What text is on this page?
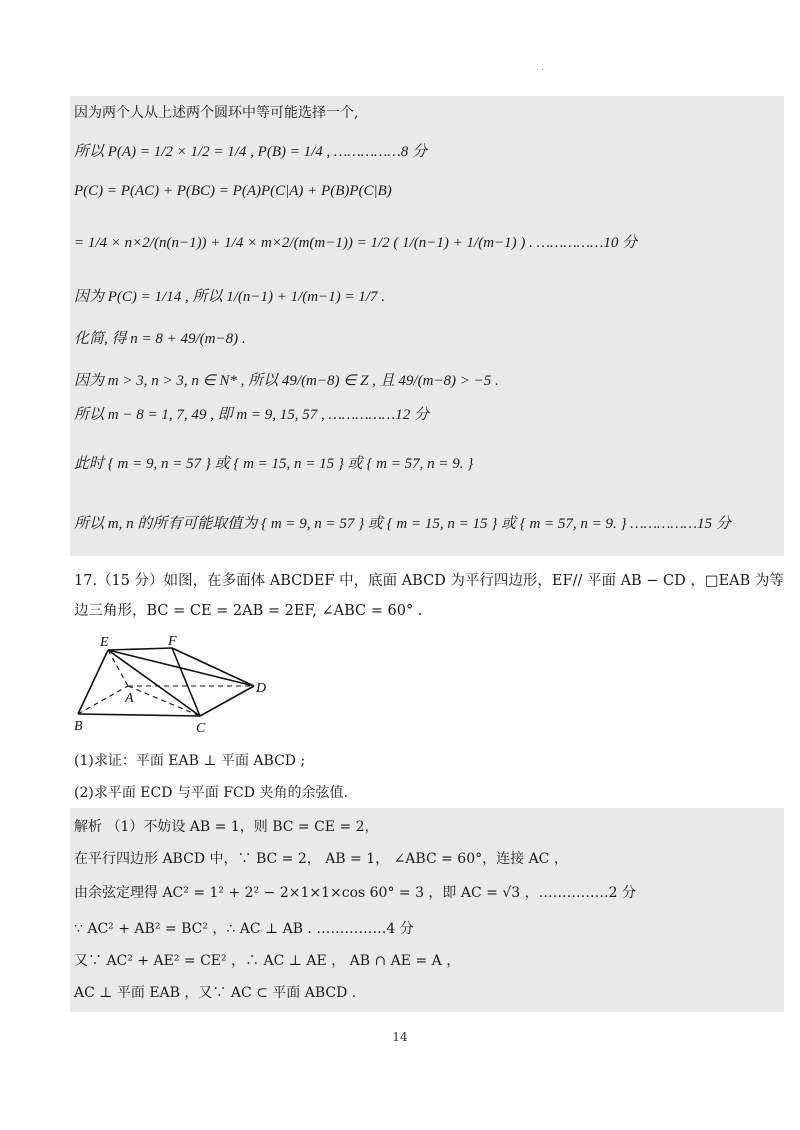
.
因为两个人从上述两个圆环中等可能选择一个,
所以 P(A) = 1/2 × 1/2 = 1/4 , P(B) = 1/4 , ……………8 分
P(C) = P(AC) + P(BC) = P(A)P(C|A) + P(B)P(C|B)
= 1/4 × n×2/(n(n−1)) + 1/4 × m×2/(m(m−1)) = 1/2 ( 1/(n−1) + 1/(m−1) ) . ……………10 分
因为 P(C) = 1/14 , 所以 1/(n−1) + 1/(m−1) = 1/7 .
化简, 得 n = 8 + 49/(m−8) .
因为 m > 3, n > 3, n ∈ N* , 所以 49/(m−8) ∈ Z , 且 49/(m−8) > −5 .
所以 m − 8 = 1, 7, 49 , 即 m = 9, 15, 57 , ……………12 分
此时 { m = 9, n = 57 } 或 { m = 15, n = 15 } 或 { m = 57, n = 9. }
所以 m, n 的所有可能取值为 { m = 9, n = 57 } 或 { m = 15, n = 15 } 或 { m = 57, n = 9. } ……………15 分
17.（15 分）如图，在多面体 ABCDEF 中，底面 ABCD 为平行四边形，EF// 平面 AB − CD ，□EAB 为等边三角形，BC = CE = 2AB = 2EF, ∠ABC = 60° .
E	F
A
B	C
D
(1)求证：平面 EAB ⊥ 平面 ABCD ;
(2)求平面 ECD 与平面 FCD 夹角的余弦值.
解析 （1）不妨设 AB = 1，则 BC = CE = 2，
在平行四边形 ABCD 中，∵ BC = 2， AB = 1， ∠ABC = 60°，连接 AC ，
由余弦定理得 AC² = 1² + 2² − 2×1×1×cos 60° = 3 ，即 AC = √3 ，……………2 分
∵ AC² + AB² = BC² ，∴ AC ⊥ AB . ……………4 分
又∵ AC² + AE² = CE² ，∴ AC ⊥ AE ， AB ∩ AE = A ，
AC ⊥ 平面 EAB ，又∵ AC ⊂ 平面 ABCD .
14
